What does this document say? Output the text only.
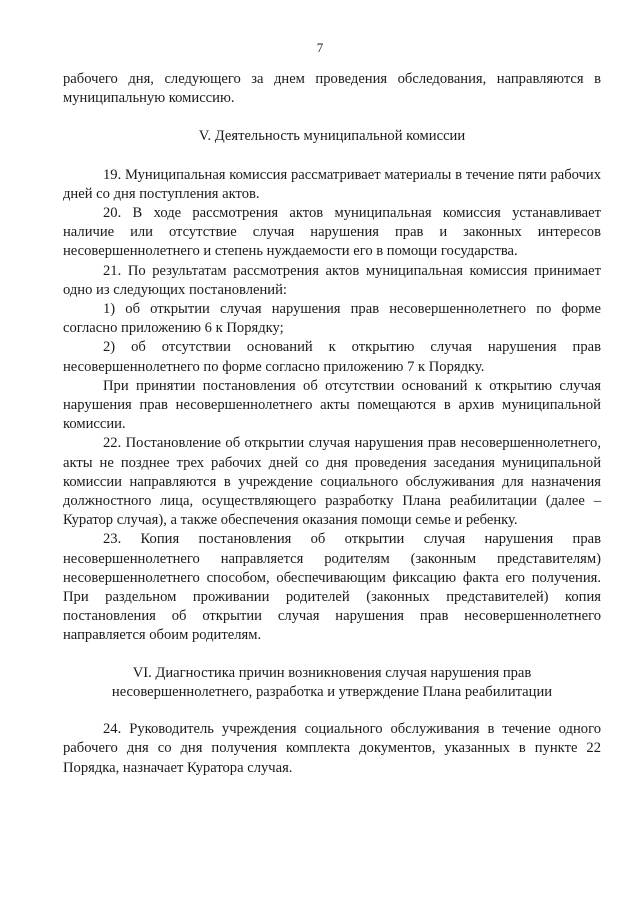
7

рабочего дня, следующего за днем проведения обследования, направляются в муниципальную комиссию.

V. Деятельность муниципальной комиссии

19. Муниципальная комиссия рассматривает материалы в течение пяти рабочих дней со дня поступления актов.

20. В ходе рассмотрения актов муниципальная комиссия устанавливает наличие или отсутствие случая нарушения прав и законных интересов несовершеннолетнего и степень нуждаемости его в помощи государства.

21. По результатам рассмотрения актов муниципальная комиссия принимает одно из следующих постановлений:

1) об открытии случая нарушения прав несовершеннолетнего по форме согласно приложению 6 к Порядку;

2) об отсутствии оснований к открытию случая нарушения прав несовершеннолетнего по форме согласно приложению 7 к Порядку.

При принятии постановления об отсутствии оснований к открытию случая нарушения прав несовершеннолетнего акты помещаются в архив муниципальной комиссии.

22. Постановление об открытии случая нарушения прав несовершеннолетнего, акты не позднее трех рабочих дней со дня проведения заседания муниципальной комиссии направляются в учреждение социального обслуживания для назначения должностного лица, осуществляющего разработку Плана реабилитации (далее – Куратор случая), а также обеспечения оказания помощи семье и ребенку.

23. Копия постановления об открытии случая нарушения прав несовершеннолетнего направляется родителям (законным представителям) несовершеннолетнего способом, обеспечивающим фиксацию факта его получения. При раздельном проживании родителей (законных представителей) копия постановления об открытии случая нарушения прав несовершеннолетнего направляется обоим родителям.

VI. Диагностика причин возникновения случая нарушения прав несовершеннолетнего, разработка и утверждение Плана реабилитации

24. Руководитель учреждения социального обслуживания в течение одного рабочего дня со дня получения комплекта документов, указанных в пункте 22 Порядка, назначает Куратора случая.
